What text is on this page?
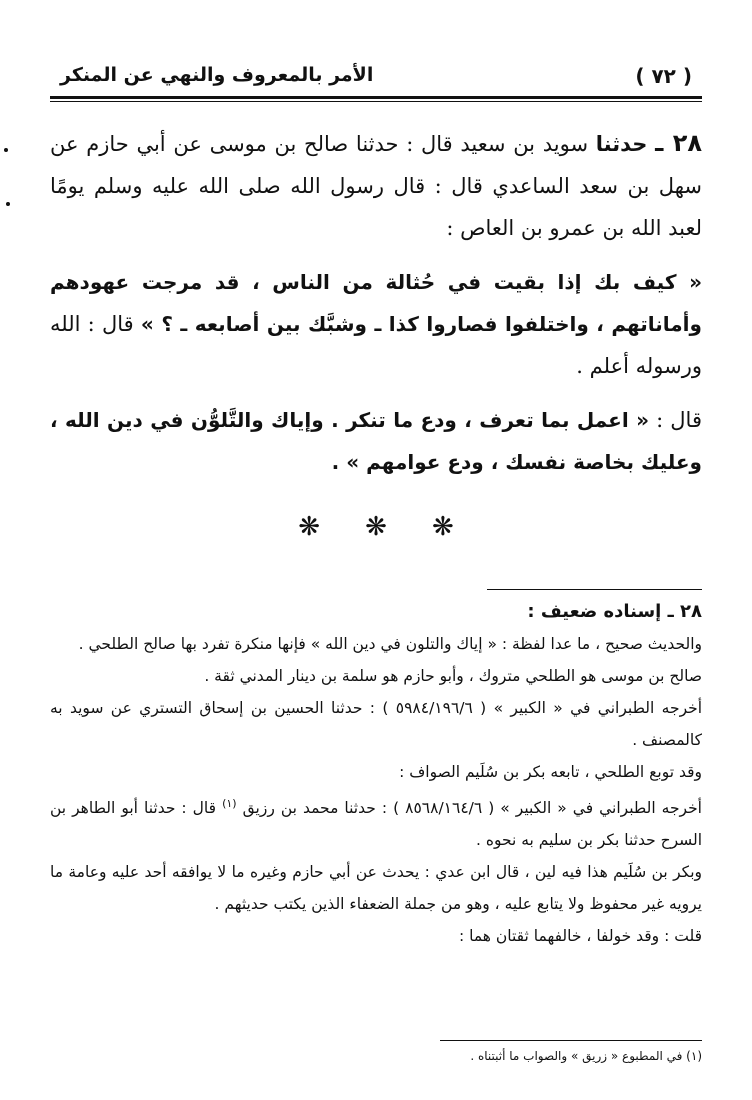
( ٧٢ )
الأمر بالمعروف والنهي عن المنكر

٢٨ ـ حدثنا سويد بن سعيد قال : حدثنا صالح بن موسى عن أبي حازم عن سهل بن سعد الساعدي قال : قال رسول الله صلى الله عليه وسلم يومًا لعبد الله بن عمرو بن العاص :

« كيف بك إذا بقيت في حُثالة من الناس ، قد مرجت عهودهم وأماناتهم ، واختلفوا فصاروا كذا ـ وشبَّك بين أصابعه ـ ؟ » قال : الله ورسوله أعلم .

قال : « اعمل بما تعرف ، ودع ما تنكر . وإياك والتَّلوُّن في دين الله ، وعليك بخاصة نفسك ، ودع عوامهم » .

❋ ❋ ❋

٢٨ ـ إسناده ضعيف :

والحديث صحيح ، ما عدا لفظة : « إياك والتلون في دين الله » فإنها منكرة تفرد بها صالح الطلحي .

صالح بن موسى هو الطلحي متروك ، وأبو حازم هو سلمة بن دينار المدني ثقة .

أخرجه الطبراني في « الكبير » ( ٥٩٨٤/١٩٦/٦ ) : حدثنا الحسين بن إسحاق التستري عن سويد به كالمصنف .

وقد توبع الطلحي ، تابعه بكر بن سُلَيم الصواف :

أخرجه الطبراني في « الكبير » ( ٨٥٦٨/١٦٤/٦ ) : حدثنا محمد بن رزيق $^{(١)}$ قال : حدثنا أبو الطاهر بن السرح حدثنا بكر بن سليم به نحوه .

وبكر بن سُلَيم هذا فيه لين ، قال ابن عدي : يحدث عن أبي حازم وغيره ما لا يوافقه أحد عليه وعامة ما يرويه غير محفوظ ولا يتابع عليه ، وهو من جملة الضعفاء الذين يكتب حديثهم .

قلت : وقد خولفا ، خالفهما ثقتان هما :

(١) في المطبوع « زريق » والصواب ما أثبتناه .
